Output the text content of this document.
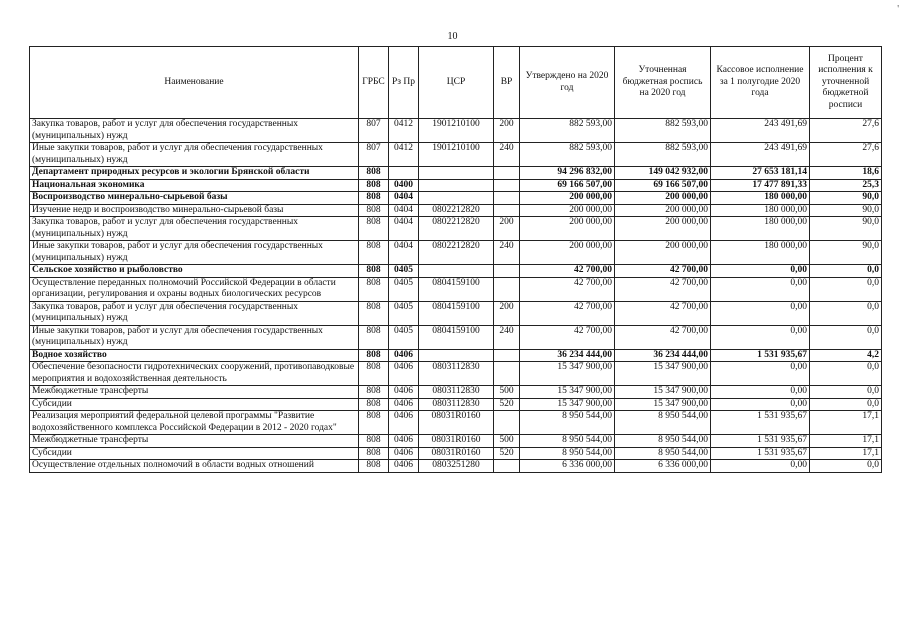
'
10
Наименование	ГРБС	Рз Пр	ЦСР	ВР	Утверждено на 2020 год	Уточненная бюджетная роспись на 2020 год	Кассовое исполнение за 1 полугодие 2020 года	Процент исполнения к уточненной бюджетной росписи
Закупка товаров, работ и услуг для обеспечения государственных (муниципальных) нужд	807	0412	1901210100	200	882 593,00	882 593,00	243 491,69	27,6
Иные закупки товаров, работ и услуг для обеспечения государственных (муниципальных) нужд	807	0412	1901210100	240	882 593,00	882 593,00	243 491,69	27,6
Департамент природных ресурсов и экологии Брянской области	808				94 296 832,00	149 042 932,00	27 653 181,14	18,6
Национальная экономика	808	0400			69 166 507,00	69 166 507,00	17 477 891,33	25,3
Воспроизводство минерально-сырьевой базы	808	0404			200 000,00	200 000,00	180 000,00	90,0
Изучение недр и воспроизводство минерально-сырьевой базы	808	0404	0802212820		200 000,00	200 000,00	180 000,00	90,0
Закупка товаров, работ и услуг для обеспечения государственных (муниципальных) нужд	808	0404	0802212820	200	200 000,00	200 000,00	180 000,00	90,0
Иные закупки товаров, работ и услуг для обеспечения государственных (муниципальных) нужд	808	0404	0802212820	240	200 000,00	200 000,00	180 000,00	90,0
Сельское хозяйство и рыболовство	808	0405			42 700,00	42 700,00	0,00	0,0
Осуществление переданных полномочий Российской Федерации в области организации, регулирования и охраны водных биологических ресурсов	808	0405	0804159100		42 700,00	42 700,00	0,00	0,0
Закупка товаров, работ и услуг для обеспечения государственных (муниципальных) нужд	808	0405	0804159100	200	42 700,00	42 700,00	0,00	0,0
Иные закупки товаров, работ и услуг для обеспечения государственных (муниципальных) нужд	808	0405	0804159100	240	42 700,00	42 700,00	0,00	0,0
Водное хозяйство	808	0406			36 234 444,00	36 234 444,00	1 531 935,67	4,2
Обеспечение безопасности гидротехнических сооружений, противопаводковые мероприятия и водохозяйственная деятельность	808	0406	0803112830		15 347 900,00	15 347 900,00	0,00	0,0
Межбюджетные трансферты	808	0406	0803112830	500	15 347 900,00	15 347 900,00	0,00	0,0
Субсидии	808	0406	0803112830	520	15 347 900,00	15 347 900,00	0,00	0,0
Реализация мероприятий федеральной целевой программы "Развитие водохозяйственного комплекса Российской Федерации в 2012 - 2020 годах"	808	0406	08031R0160		8 950 544,00	8 950 544,00	1 531 935,67	17,1
Межбюджетные трансферты	808	0406	08031R0160	500	8 950 544,00	8 950 544,00	1 531 935,67	17,1
Субсидии	808	0406	08031R0160	520	8 950 544,00	8 950 544,00	1 531 935,67	17,1
Осуществление отдельных полномочий в области водных отношений	808	0406	0803251280		6 336 000,00	6 336 000,00	0,00	0,0
